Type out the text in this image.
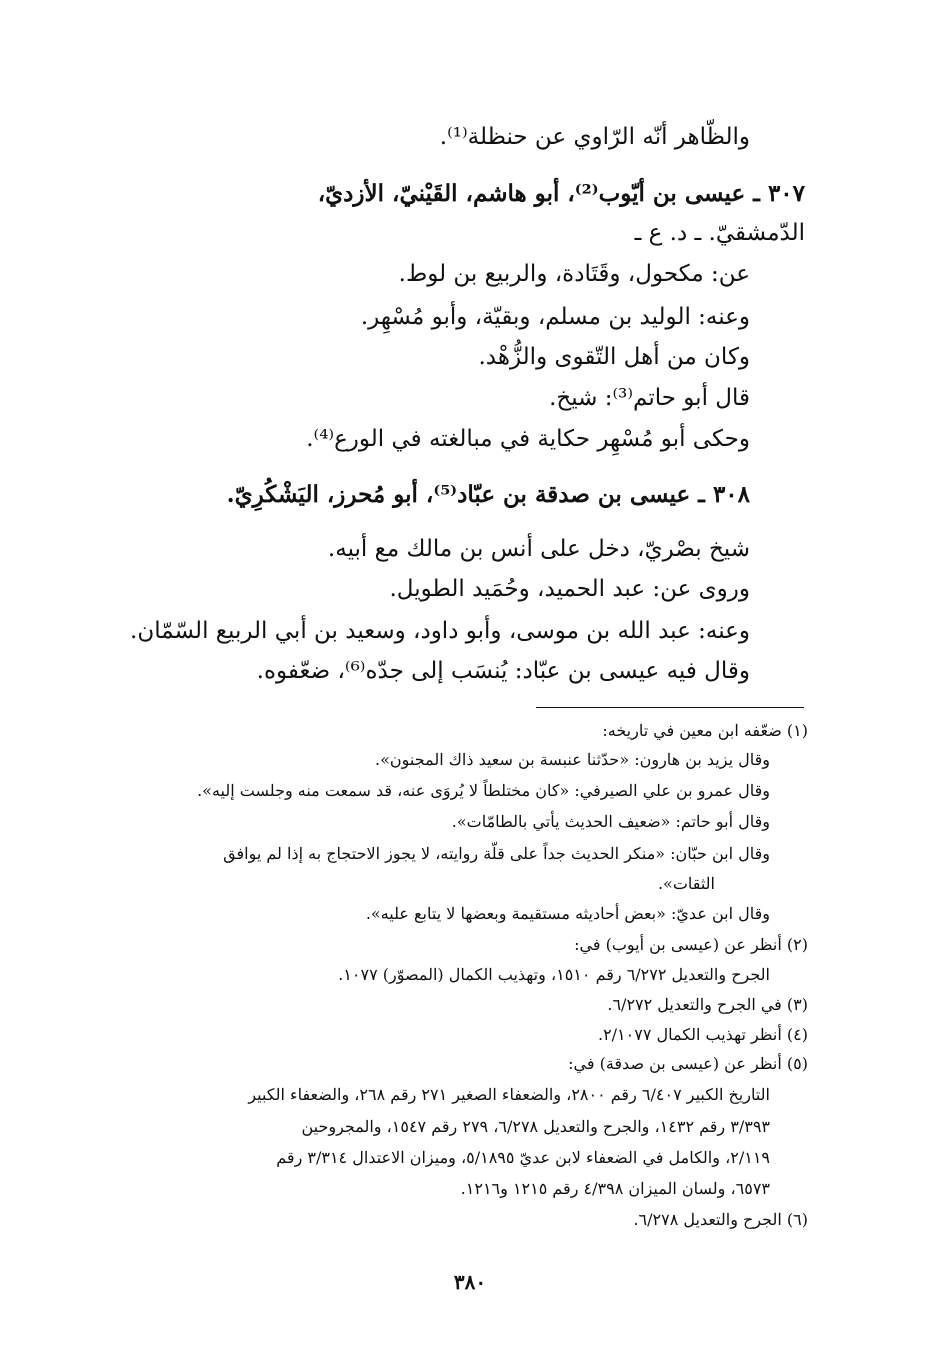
والظّاهر أنّه الرّاوي عن حنظلة⁽¹⁾.
٣٠٧ ـ عيسى بن أيّوب⁽²⁾، أبو هاشم، القَيْنيّ، الأزديّ،
الدّمشقيّ. ـ د. ع ـ
عن: مكحول، وقَتَادة، والربيع بن لوط.
وعنه: الوليد بن مسلم، وبقيّة، وأبو مُسْهِر.
وكان من أهل التّقوى والزُّهْد.
قال أبو حاتم⁽³⁾: شيخ.
وحكى أبو مُسْهِر حكاية في مبالغته في الورع⁽⁴⁾.
٣٠٨ ـ عيسى بن صدقة بن عبّاد⁽⁵⁾، أبو مُحرز، اليَشْكُرِيّ.
شيخ بصْريّ، دخل على أنس بن مالك مع أبيه.
وروى عن: عبد الحميد، وحُمَيد الطويل.
وعنه: عبد الله بن موسى، وأبو داود، وسعيد بن أبي الربيع السّمّان.
وقال فيه عيسى بن عبّاد: يُنسَب إلى جدّه⁽⁶⁾، ضعّفوه.
(١) ضعّفه ابن معين في تاريخه:
وقال يزيد بن هارون: «حدّثنا عنبسة بن سعيد ذاك المجنون».
وقال عمرو بن علي الصيرفي: «كان مختلطاً لا يُروَى عنه، قد سمعت منه وجلست إليه».
وقال أبو حاتم: «ضعيف الحديث يأتي بالطامّات».
وقال ابن حبّان: «منكر الحديث جداً على قلّة روايته، لا يجوز الاحتجاج به إذا لم يوافق
الثقات».
وقال ابن عديّ: «بعض أحاديثه مستقيمة وبعضها لا يتابع عليه».
(٢) أنظر عن (عيسى بن أيوب) في:
الجرح والتعديل ٦/٢٧٢ رقم ١٥١٠، وتهذيب الكمال (المصوّر) ١٠٧٧.
(٣) في الجرح والتعديل ٦/٢٧٢.
(٤) أنظر تهذيب الكمال ٢/١٠٧٧.
(٥) أنظر عن (عيسى بن صدقة) في:
التاريخ الكبير ٦/٤٠٧ رقم ٢٨٠٠، والضعفاء الصغير ٢٧١ رقم ٢٦٨، والضعفاء الكبير
٣/٣٩٣ رقم ١٤٣٢، والجرح والتعديل ٦/٢٧٨، ٢٧٩ رقم ١٥٤٧، والمجروحين
٢/١١٩، والكامل في الضعفاء لابن عديّ ٥/١٨٩٥، وميزان الاعتدال ٣/٣١٤ رقم
٦٥٧٣، ولسان الميزان ٤/٣٩٨ رقم ١٢١٥ و١٢١٦.
(٦) الجرح والتعديل ٦/٢٧٨.
٣٨٠
